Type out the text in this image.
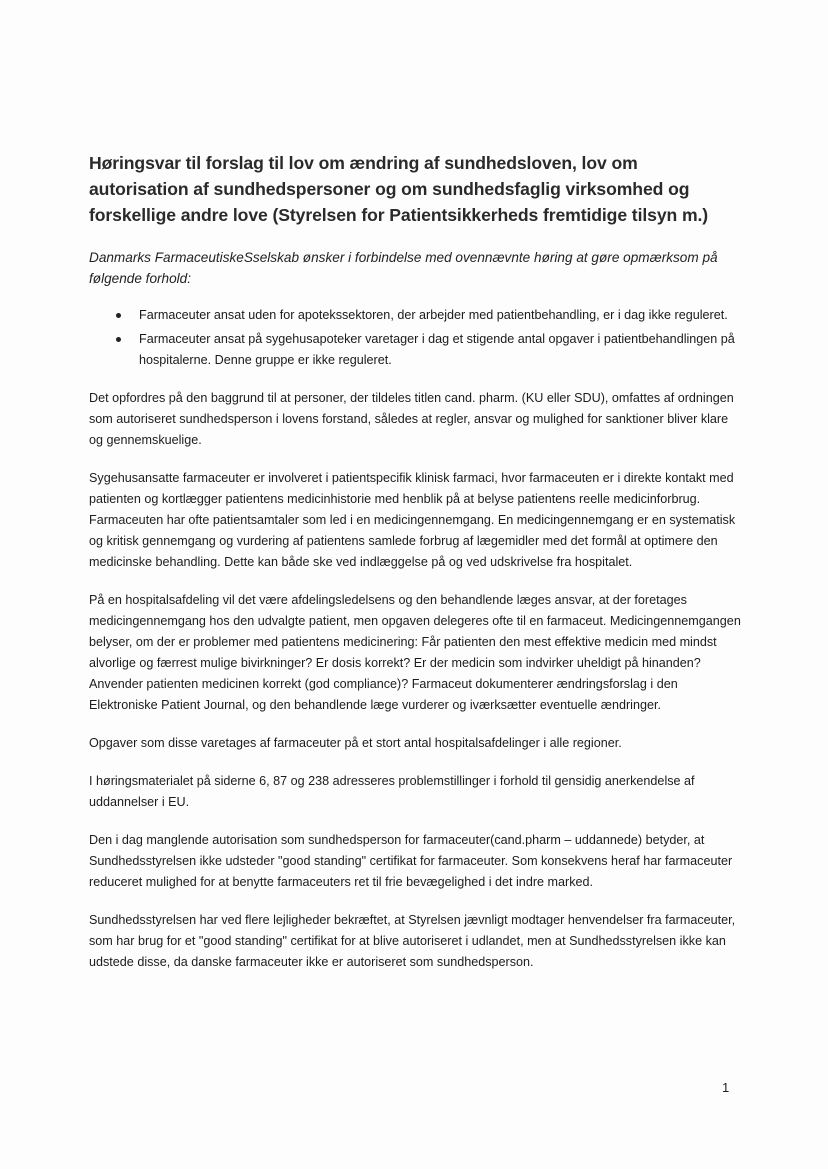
Høringsvar til forslag til lov om ændring af sundhedsloven, lov om autorisation af sundhedspersoner og om sundhedsfaglig virksomhed og forskellige andre love (Styrelsen for Patientsikkerheds fremtidige tilsyn m.)

Danmarks FarmaceutiskeSselskab ønsker i forbindelse med ovennævnte høring at gøre opmærksom på følgende forhold:

Farmaceuter ansat uden for apotekssektoren, der arbejder med patientbehandling, er i dag ikke reguleret.
Farmaceuter ansat på sygehusapoteker varetager i dag et stigende antal opgaver i patientbehandlingen på hospitalerne. Denne gruppe er ikke reguleret.

Det opfordres på den baggrund til at personer, der tildeles titlen cand. pharm. (KU eller SDU), omfattes af ordningen som autoriseret sundhedsperson i lovens forstand, således at regler, ansvar og mulighed for sanktioner bliver klare og gennemskuelige.

Sygehusansatte farmaceuter er involveret i patientspecifik klinisk farmaci, hvor farmaceuten er i direkte kontakt med patienten og kortlægger patientens medicinhistorie med henblik på at belyse patientens reelle medicinforbrug. Farmaceuten har ofte patientsamtaler som led i en medicingennemgang. En medicingennemgang er en systematisk og kritisk gennemgang og vurdering af patientens samlede forbrug af lægemidler med det formål at optimere den medicinske behandling. Dette kan både ske ved indlæggelse på og ved udskrivelse fra hospitalet.

På en hospitalsafdeling vil det være afdelingsledelsens og den behandlende læges ansvar, at der foretages medicingennemgang hos den udvalgte patient, men opgaven delegeres ofte til en farmaceut. Medicingennemgangen belyser, om der er problemer med patientens medicinering: Får patienten den mest effektive medicin med mindst alvorlige og færrest mulige bivirkninger? Er dosis korrekt? Er der medicin som indvirker uheldigt på hinanden? Anvender patienten medicinen korrekt (god compliance)? Farmaceut dokumenterer ændringsforslag i den Elektroniske Patient Journal, og den behandlende læge vurderer og iværksætter eventuelle ændringer.

Opgaver som disse varetages af farmaceuter på et stort antal hospitalsafdelinger i alle regioner.

I høringsmaterialet på siderne 6, 87 og 238 adresseres problemstillinger i forhold til gensidig anerkendelse af uddannelser i EU.

Den i dag manglende autorisation som sundhedsperson for farmaceuter(cand.pharm – uddannede) betyder, at Sundhedsstyrelsen ikke udsteder "good standing" certifikat for farmaceuter. Som konsekvens heraf har farmaceuter reduceret mulighed for at benytte farmaceuters ret til frie bevægelighed i det indre marked.

Sundhedsstyrelsen har ved flere lejligheder bekræftet, at Styrelsen jævnligt modtager henvendelser fra farmaceuter, som har brug for et "good standing" certifikat for at blive autoriseret i udlandet, men at Sundhedsstyrelsen ikke kan udstede disse, da danske farmaceuter ikke er autoriseret som sundhedsperson.

1
